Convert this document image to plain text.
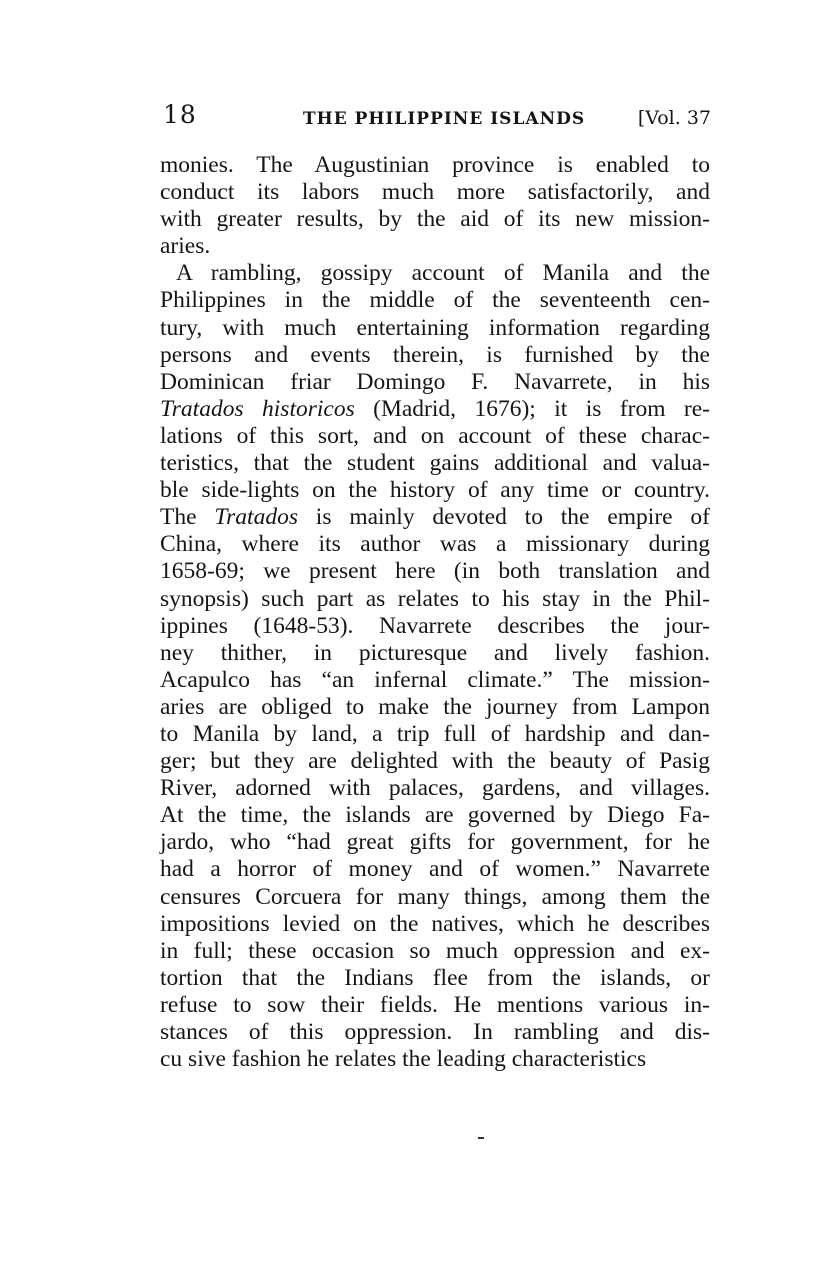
18	THE PHILIPPINE ISLANDS	[Vol. 37
monies. The Augustinian province is enabled to
conduct its labors much more satisfactorily, and
with greater results, by the aid of its new mission-
aries.
A rambling, gossipy account of Manila and the
Philippines in the middle of the seventeenth cen-
tury, with much entertaining information regarding
persons and events therein, is furnished by the
Dominican friar Domingo F. Navarrete, in his
Tratados historicos (Madrid, 1676); it is from re-
lations of this sort, and on account of these charac-
teristics, that the student gains additional and valua-
ble side-lights on the history of any time or country.
The Tratados is mainly devoted to the empire of
China, where its author was a missionary during
1658-69; we present here (in both translation and
synopsis) such part as relates to his stay in the Phil-
ippines (1648-53). Navarrete describes the jour-
ney thither, in picturesque and lively fashion.
Acapulco has “an infernal climate.” The mission-
aries are obliged to make the journey from Lampon
to Manila by land, a trip full of hardship and dan-
ger; but they are delighted with the beauty of Pasig
River, adorned with palaces, gardens, and villages.
At the time, the islands are governed by Diego Fa-
jardo, who “had great gifts for government, for he
had a horror of money and of women.” Navarrete
censures Corcuera for many things, among them the
impositions levied on the natives, which he describes
in full; these occasion so much oppression and ex-
tortion that the Indians flee from the islands, or
refuse to sow their fields. He mentions various in-
stances of this oppression. In rambling and dis-
cu sive fashion he relates the leading characteristics
